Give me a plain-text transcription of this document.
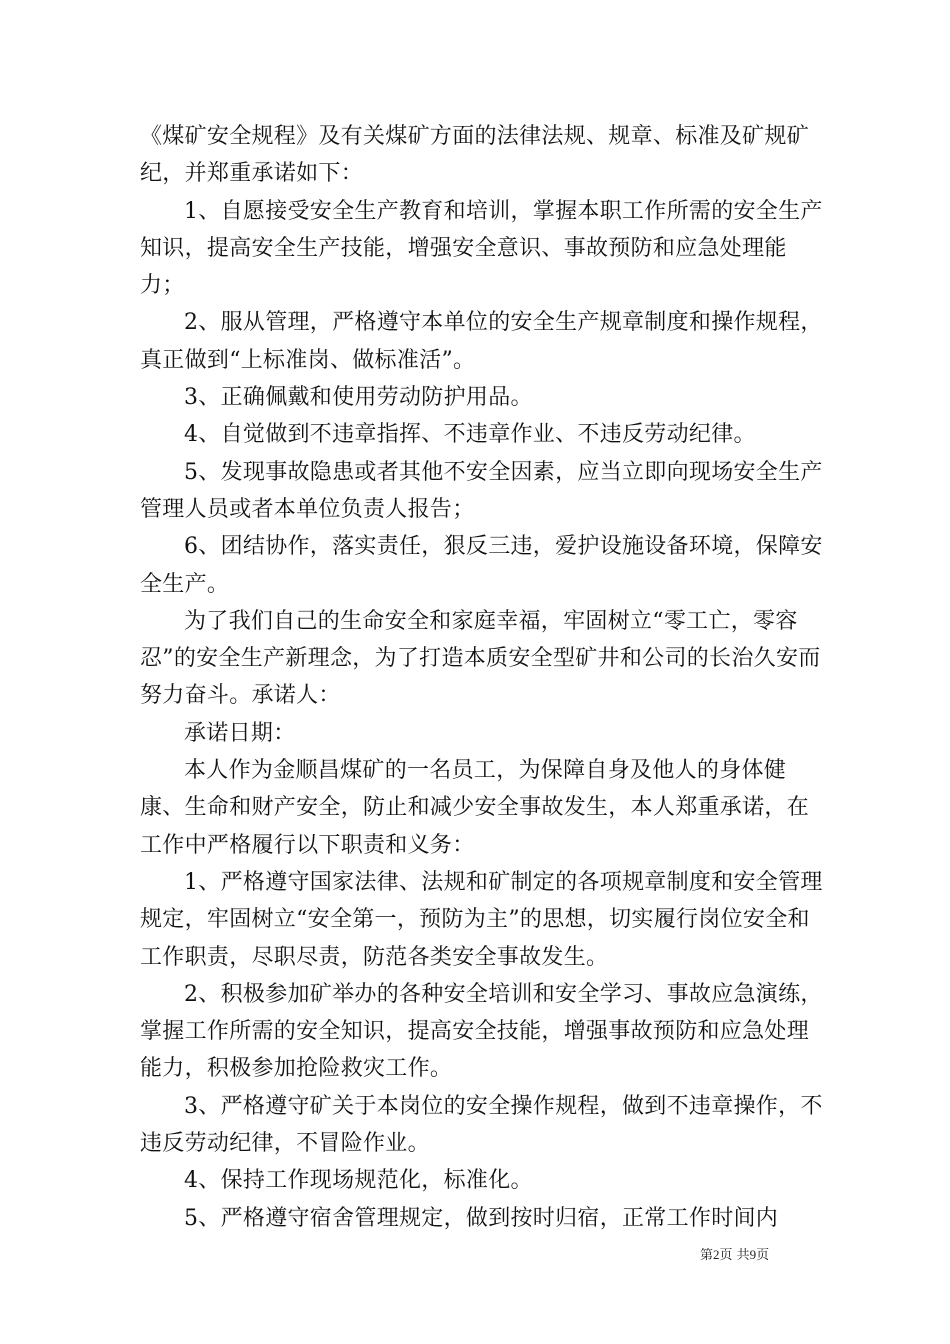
《煤矿安全规程》及有关煤矿方面的法律法规、规章、标准及矿规矿纪，并郑重承诺如下：

1、自愿接受安全生产教育和培训，掌握本职工作所需的安全生产知识，提高安全生产技能，增强安全意识、事故预防和应急处理能力；

2、服从管理，严格遵守本单位的安全生产规章制度和操作规程，真正做到“上标准岗、做标准活”。

3、正确佩戴和使用劳动防护用品。

4、自觉做到不违章指挥、不违章作业、不违反劳动纪律。

5、发现事故隐患或者其他不安全因素，应当立即向现场安全生产管理人员或者本单位负责人报告；

6、团结协作，落实责任，狠反三违，爱护设施设备环境，保障安全生产。

为了我们自己的生命安全和家庭幸福，牢固树立“零工亡，零容忍”的安全生产新理念，为了打造本质安全型矿井和公司的长治久安而努力奋斗。承诺人：

承诺日期：

本人作为金顺昌煤矿的一名员工，为保障自身及他人的身体健康、生命和财产安全，防止和减少安全事故发生，本人郑重承诺，在工作中严格履行以下职责和义务：

1、严格遵守国家法律、法规和矿制定的各项规章制度和安全管理规定，牢固树立“安全第一，预防为主”的思想，切实履行岗位安全和工作职责，尽职尽责，防范各类安全事故发生。

2、积极参加矿举办的各种安全培训和安全学习、事故应急演练，掌握工作所需的安全知识，提高安全技能，增强事故预防和应急处理能力，积极参加抢险救灾工作。

3、严格遵守矿关于本岗位的安全操作规程，做到不违章操作，不违反劳动纪律，不冒险作业。

4、保持工作现场规范化，标准化。

5、严格遵守宿舍管理规定，做到按时归宿，正常工作时间内

第2页 共9页
